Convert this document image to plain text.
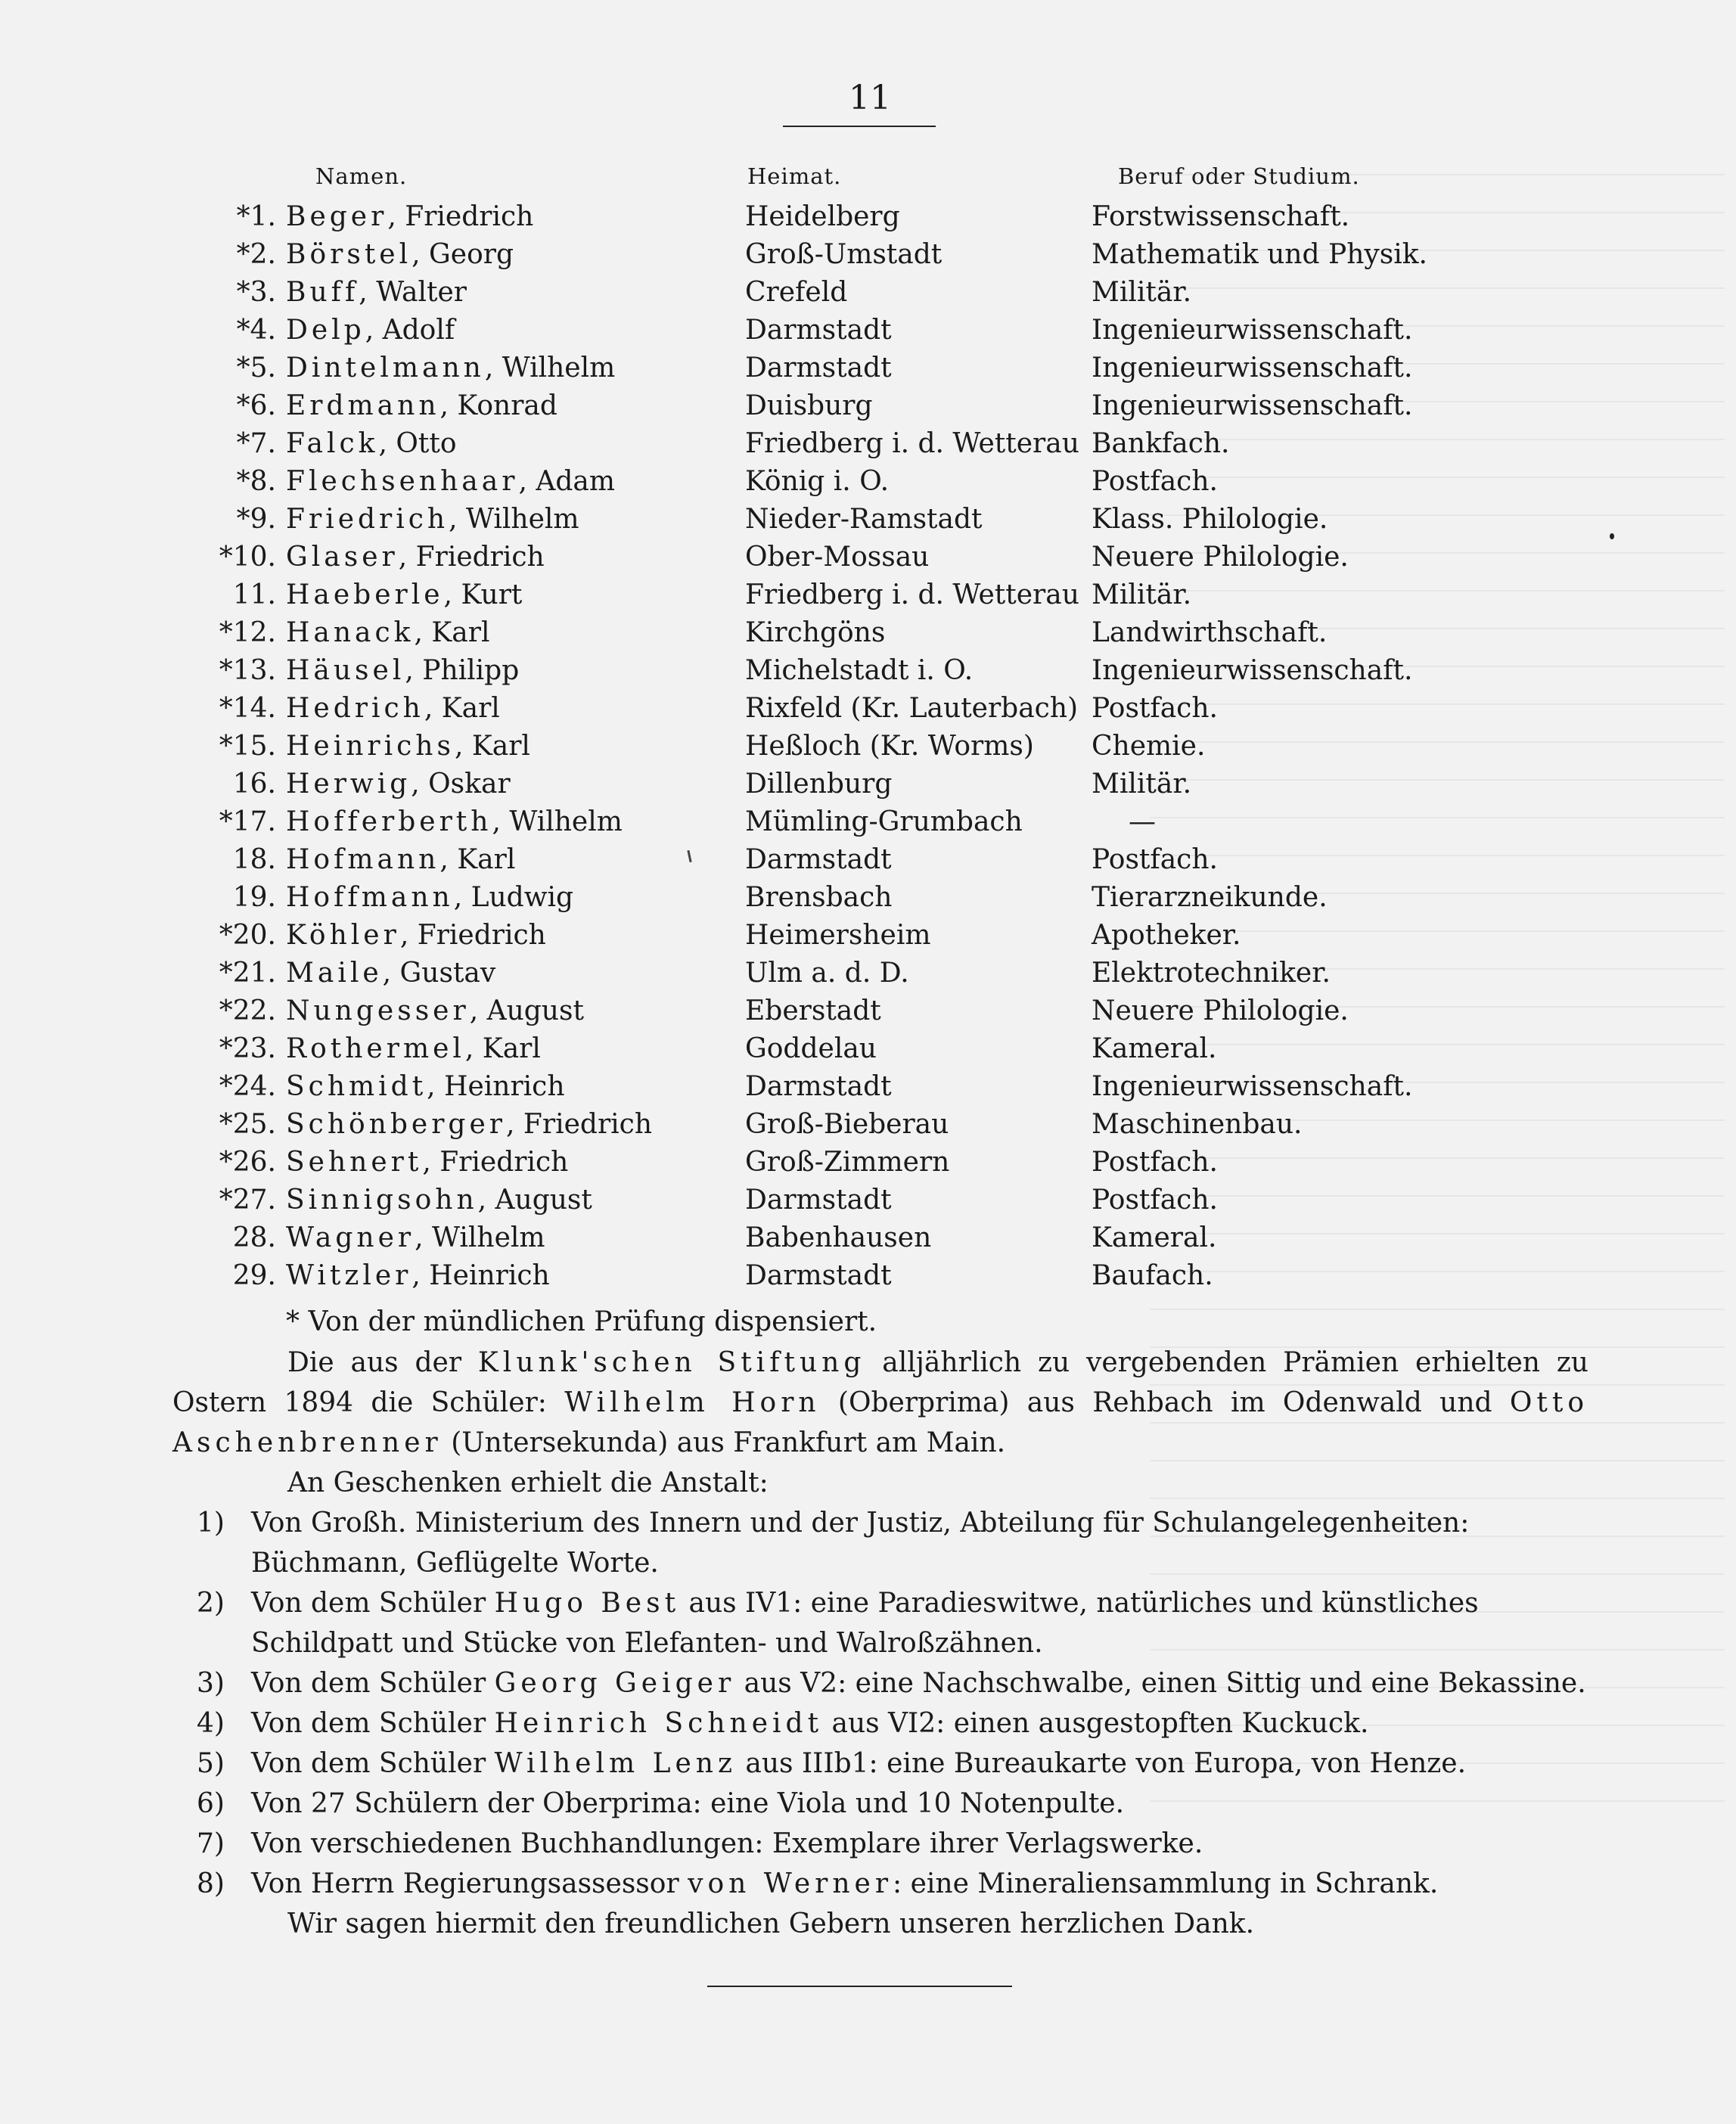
11
Namen.	Heimat.	Beruf oder Studium.
*1. Beger, Friedrich	Heidelberg	Forstwissenschaft.
*2. Börstel, Georg	Groß-Umstadt	Mathematik und Physik.
*3. Buff, Walter	Crefeld	Militär.
*4. Delp, Adolf	Darmstadt	Ingenieurwissenschaft.
*5. Dintelmann, Wilhelm	Darmstadt	Ingenieurwissenschaft.
*6. Erdmann, Konrad	Duisburg	Ingenieurwissenschaft.
*7. Falck, Otto	Friedberg i. d. Wetterau Bankfach.
*8. Flechsenhaar, Adam	König i. O.	Postfach.
*9. Friedrich, Wilhelm	Nieder-Ramstadt	Klass. Philologie.
*10. Glaser, Friedrich	Ober-Mossau	Neuere Philologie.
11. Haeberle, Kurt	Friedberg i. d. Wetterau Militär.
*12. Hanack, Karl	Kirchgöns	Landwirthschaft.
*13. Häusel, Philipp	Michelstadt i. O.	Ingenieurwissenschaft.
*14. Hedrich, Karl	Rixfeld (Kr. Lauterbach) Postfach.
*15. Heinrichs, Karl	Heßloch (Kr. Worms) Chemie.
16. Herwig, Oskar	Dillenburg	Militär.
*17. Hofferberth, Wilhelm	Mümling-Grumbach	—
18. Hofmann, Karl	Darmstadt	Postfach.
19. Hoffmann, Ludwig	Brensbach	Tierarzneikunde.
*20. Köhler, Friedrich	Heimersheim	Apotheker.
*21. Maile, Gustav	Ulm a. d. D.	Elektrotechniker.
*22. Nungesser, August	Eberstadt	Neuere Philologie.
*23. Rothermel, Karl	Goddelau	Kameral.
*24. Schmidt, Heinrich	Darmstadt	Ingenieurwissenschaft.
*25. Schönberger, Friedrich	Groß-Bieberau	Maschinenbau.
*26. Sehnert, Friedrich	Groß-Zimmern	Postfach.
*27. Sinnigsohn, August	Darmstadt	Postfach.
28. Wagner, Wilhelm	Babenhausen	Kameral.
29. Witzler, Heinrich	Darmstadt	Baufach.
* Von der mündlichen Prüfung dispensiert.

Die aus der Klunk'schen Stiftung alljährlich zu vergebenden Prämien erhielten zu Ostern 1894 die Schüler: Wilhelm Horn (Oberprima) aus Rehbach im Odenwald und Otto Aschenbrenner (Untersekunda) aus Frankfurt am Main.

An Geschenken erhielt die Anstalt:

1) Von Großh. Ministerium des Innern und der Justiz, Abteilung für Schulangelegenheiten: Büchmann, Geflügelte Worte.

2) Von dem Schüler Hugo Best aus IV1: eine Paradieswitwe, natürliches und künstliches Schildpatt und Stücke von Elefanten- und Walroßzähnen.

3) Von dem Schüler Georg Geiger aus V2: eine Nachschwalbe, einen Sittig und eine Bekassine.

4) Von dem Schüler Heinrich Schneidt aus VI2: einen ausgestopften Kuckuck.

5) Von dem Schüler Wilhelm Lenz aus IIIb1: eine Bureaukarte von Europa, von Henze.

6) Von 27 Schülern der Oberprima: eine Viola und 10 Notenpulte.

7) Von verschiedenen Buchhandlungen: Exemplare ihrer Verlagswerke.

8) Von Herrn Regierungsassessor von Werner: eine Mineraliensammlung in Schrank.

Wir sagen hiermit den freundlichen Gebern unseren herzlichen Dank.
